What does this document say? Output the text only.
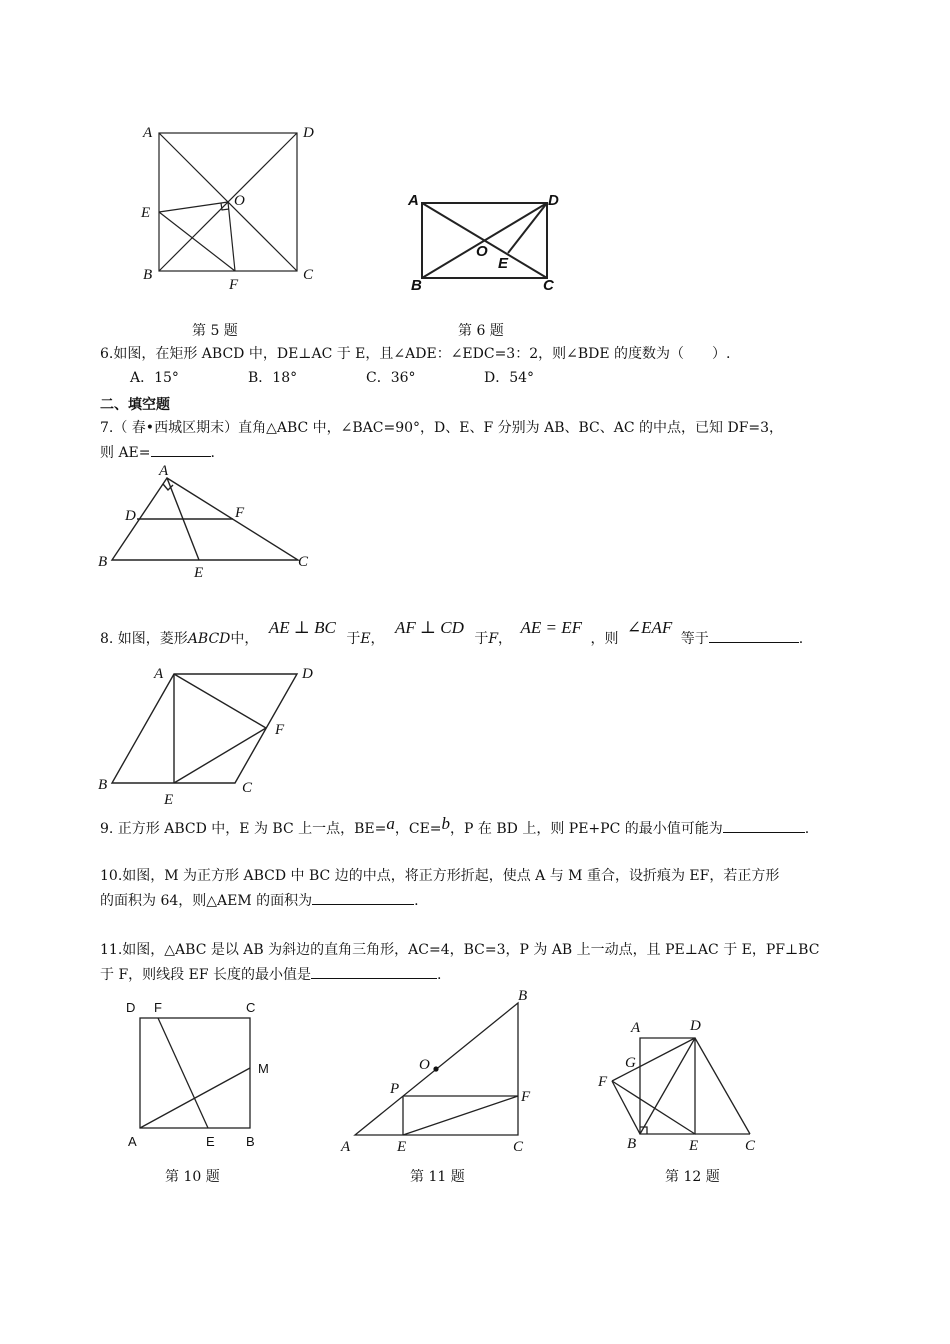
A	D
E
O
B
F
C
A	D
O
E
B	C
第 5 题	第 6 题
6.如图，在矩形 ABCD 中，DE⊥AC 于 E，且∠ADE：∠EDC=3：2，则∠BDE 的度数为（　　）.
A．15°	B．18°	C．36°	D．54°
二、填空题
7.（ 春•西城区期末）直角△ABC 中，∠BAC=90°，D、E、F 分别为 AB、BC、AC 的中点，已知 DF=3，
则 AE=	.
A
D	F
B
E
C
8. 如图，菱形ABCD中， AE ⊥ BC 于E， AF ⊥ CD 于F， AE = EF ，则 ∠EAF 等于	.
A	D
F
B	C
E
9. 正方形 ABCD 中，E 为 BC 上一点，BE=a，CE=b，P 在 BD 上，则 PE+PC 的最小值可能为	.
10.如图，M 为正方形 ABCD 中 BC 边的中点，将正方形折起，使点 A 与 M 重合，设折痕为 EF，若正方形
的面积为 64，则△AEM 的面积为	.
11.如图，△ABC 是以 AB 为斜边的直角三角形，AC=4，BC=3，P 为 AB 上一动点，且 PE⊥AC 于 E，PF⊥BC
于 F，则线段 EF 长度的最小值是	.
D F	C
M
A	E B
B
O
P	F
A	E	C
A	D
G
F
B	E	C
第 10 题	第 11 题	第 12 题
